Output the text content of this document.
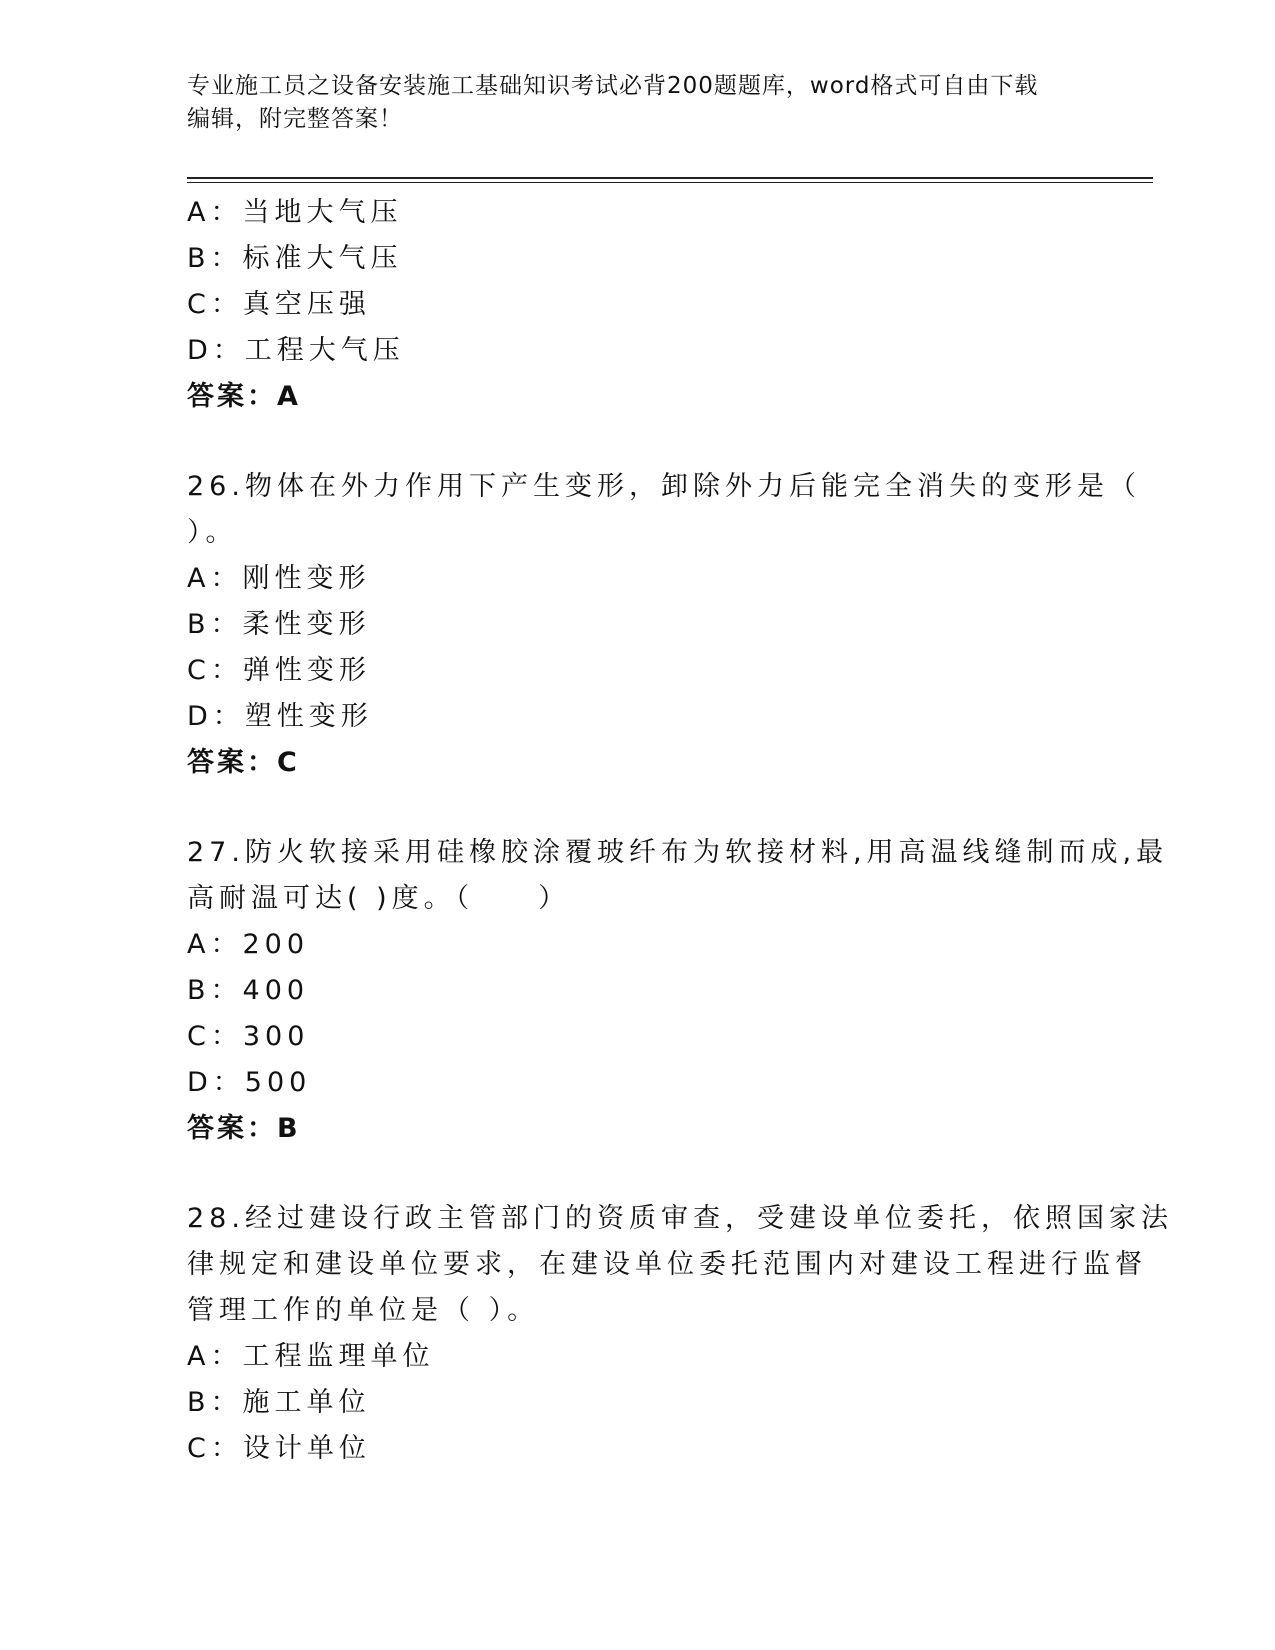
专业施工员之设备安装施工基础知识考试必背200题题库，word格式可自由下载
编辑，附完整答案！
A：当地大气压
B：标准大气压
C：真空压强
D：工程大气压
答案：A
26.物体在外力作用下产生变形，卸除外力后能完全消失的变形是（
）。
A：刚性变形
B：柔性变形
C：弹性变形
D：塑性变形
答案：C
27.防火软接采用硅橡胶涂覆玻纤布为软接材料,用高温线缝制而成,最
高耐温可达( )度。（　　）
A：200
B：400
C：300
D：500
答案：B
28.经过建设行政主管部门的资质审查，受建设单位委托，依照国家法
律规定和建设单位要求，在建设单位委托范围内对建设工程进行监督
管理工作的单位是（ ）。
A：工程监理单位
B：施工单位
C：设计单位
